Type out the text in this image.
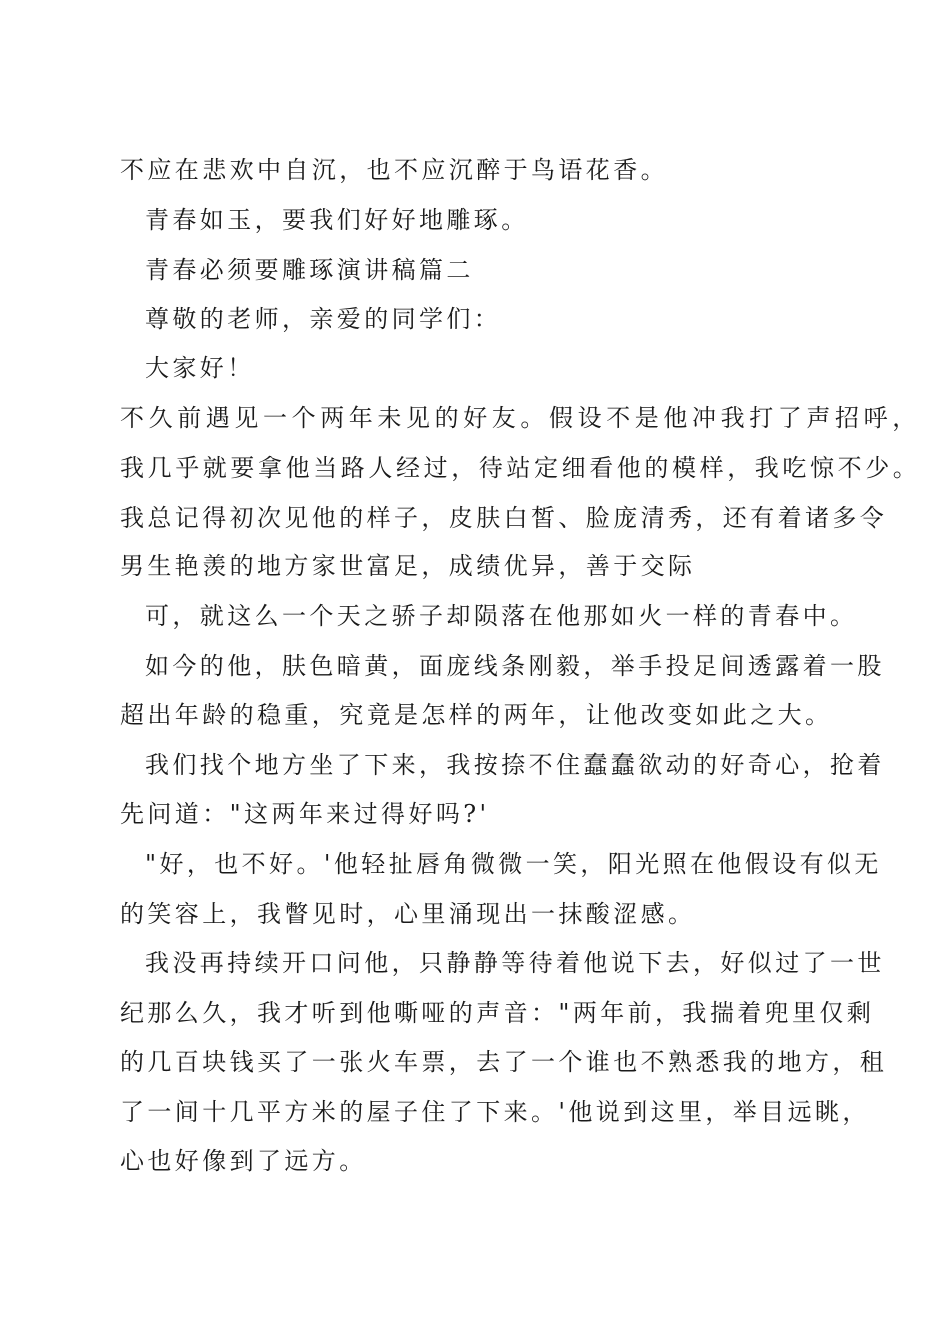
不应在悲欢中自沉，也不应沉醉于鸟语花香。
青春如玉，要我们好好地雕琢。
青春必须要雕琢演讲稿篇二
尊敬的老师，亲爱的同学们：
大家好！
不久前遇见一个两年未见的好友。假设不是他冲我打了声招呼，
我几乎就要拿他当路人经过，待站定细看他的模样，我吃惊不少。
我总记得初次见他的样子，皮肤白皙、脸庞清秀，还有着诸多令
男生艳羡的地方家世富足，成绩优异，善于交际
可，就这么一个天之骄子却陨落在他那如火一样的青春中。
如今的他，肤色暗黄，面庞线条刚毅，举手投足间透露着一股
超出年龄的稳重，究竟是怎样的两年，让他改变如此之大。
我们找个地方坐了下来，我按捺不住蠢蠢欲动的好奇心，抢着
先问道："这两年来过得好吗?'
"好，也不好。'他轻扯唇角微微一笑，阳光照在他假设有似无
的笑容上，我瞥见时，心里涌现出一抹酸涩感。
我没再持续开口问他，只静静等待着他说下去，好似过了一世
纪那么久，我才听到他嘶哑的声音："两年前，我揣着兜里仅剩
的几百块钱买了一张火车票，去了一个谁也不熟悉我的地方，租
了一间十几平方米的屋子住了下来。'他说到这里，举目远眺，
心也好像到了远方。
